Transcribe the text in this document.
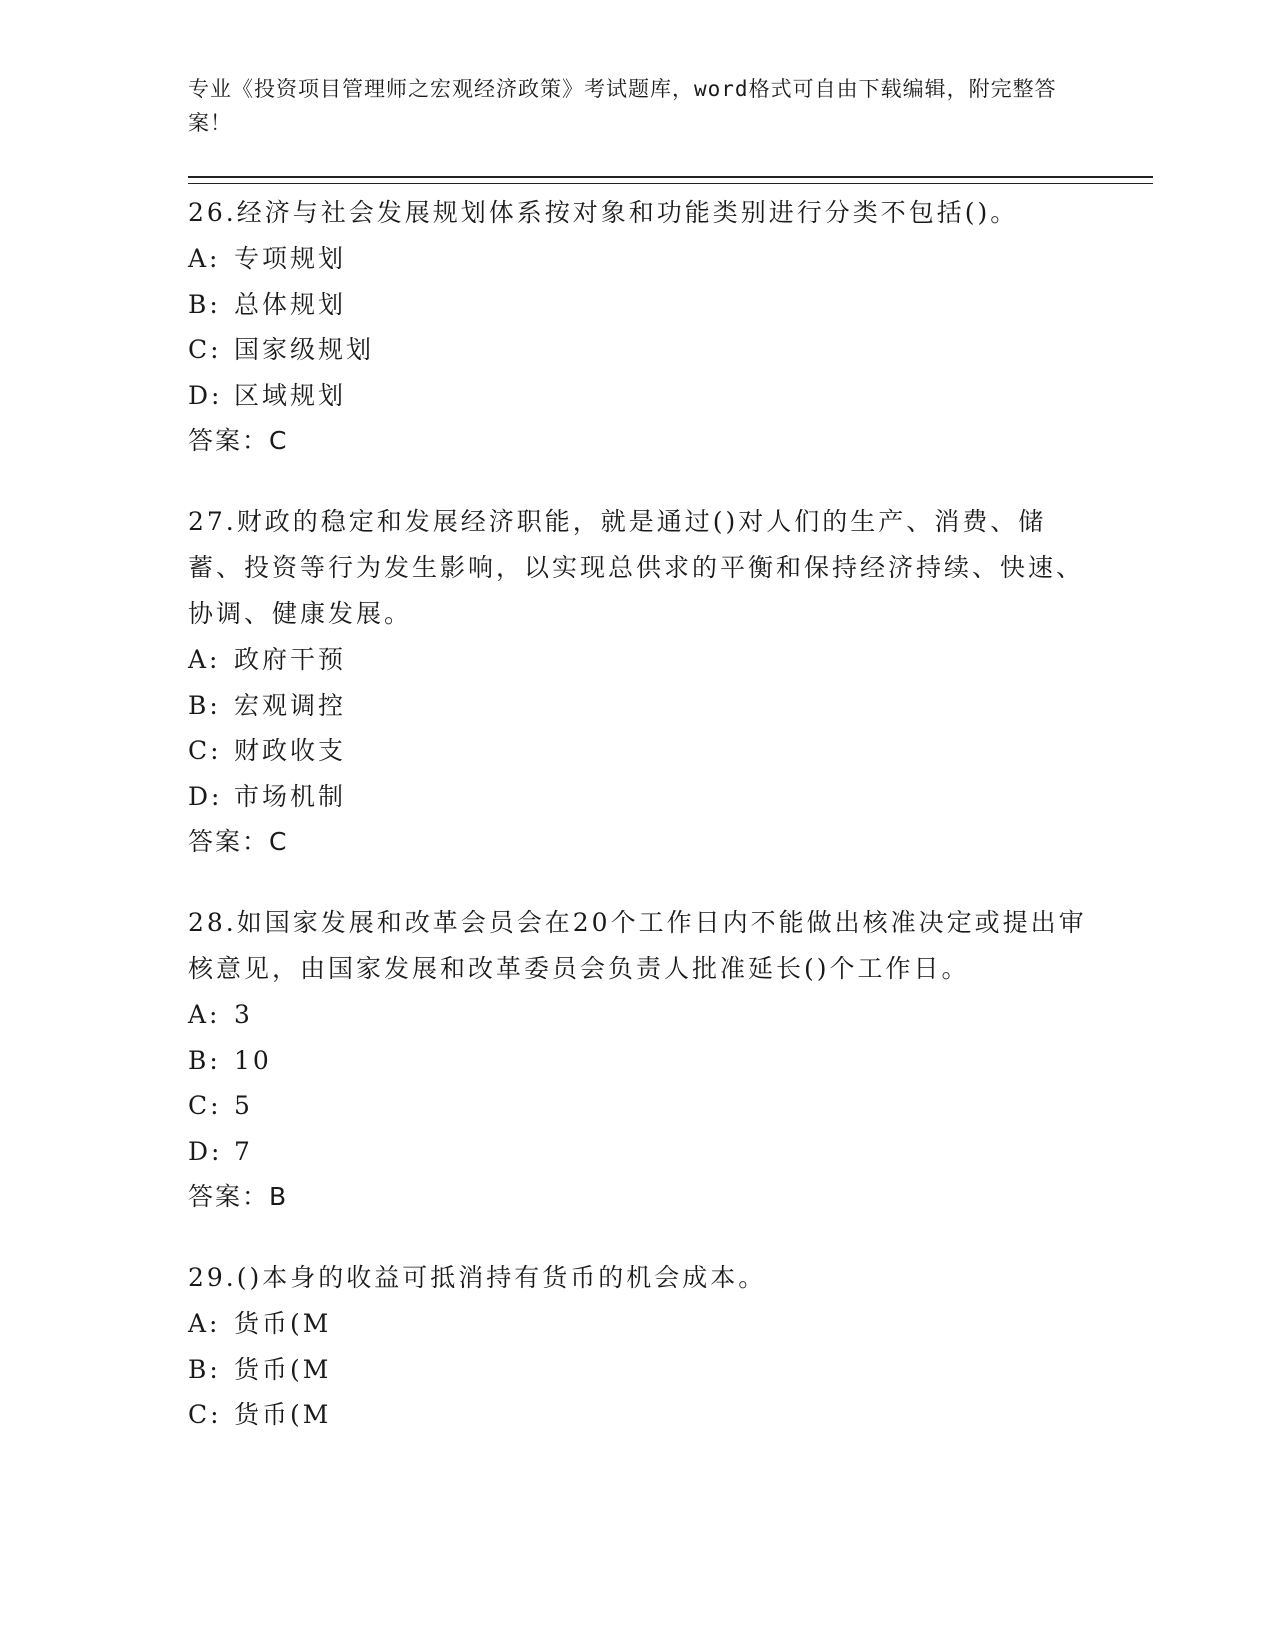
专业《投资项目管理师之宏观经济政策》考试题库，word格式可自由下载编辑，附完整答案！

26.经济与社会发展规划体系按对象和功能类别进行分类不包括()。

A: 专项规划

B: 总体规划

C: 国家级规划

D: 区域规划

答案：C

27.财政的稳定和发展经济职能，就是通过()对人们的生产、消费、储蓄、投资等行为发生影响，以实现总供求的平衡和保持经济持续、快速、协调、健康发展。

A: 政府干预

B: 宏观调控

C: 财政收支

D: 市场机制

答案：C

28.如国家发展和改革会员会在20个工作日内不能做出核准决定或提出审核意见，由国家发展和改革委员会负责人批准延长()个工作日。

A: 3

B: 10

C: 5

D: 7

答案：B

29.()本身的收益可抵消持有货币的机会成本。

A: 货币(M

B: 货币(M

C: 货币(M
